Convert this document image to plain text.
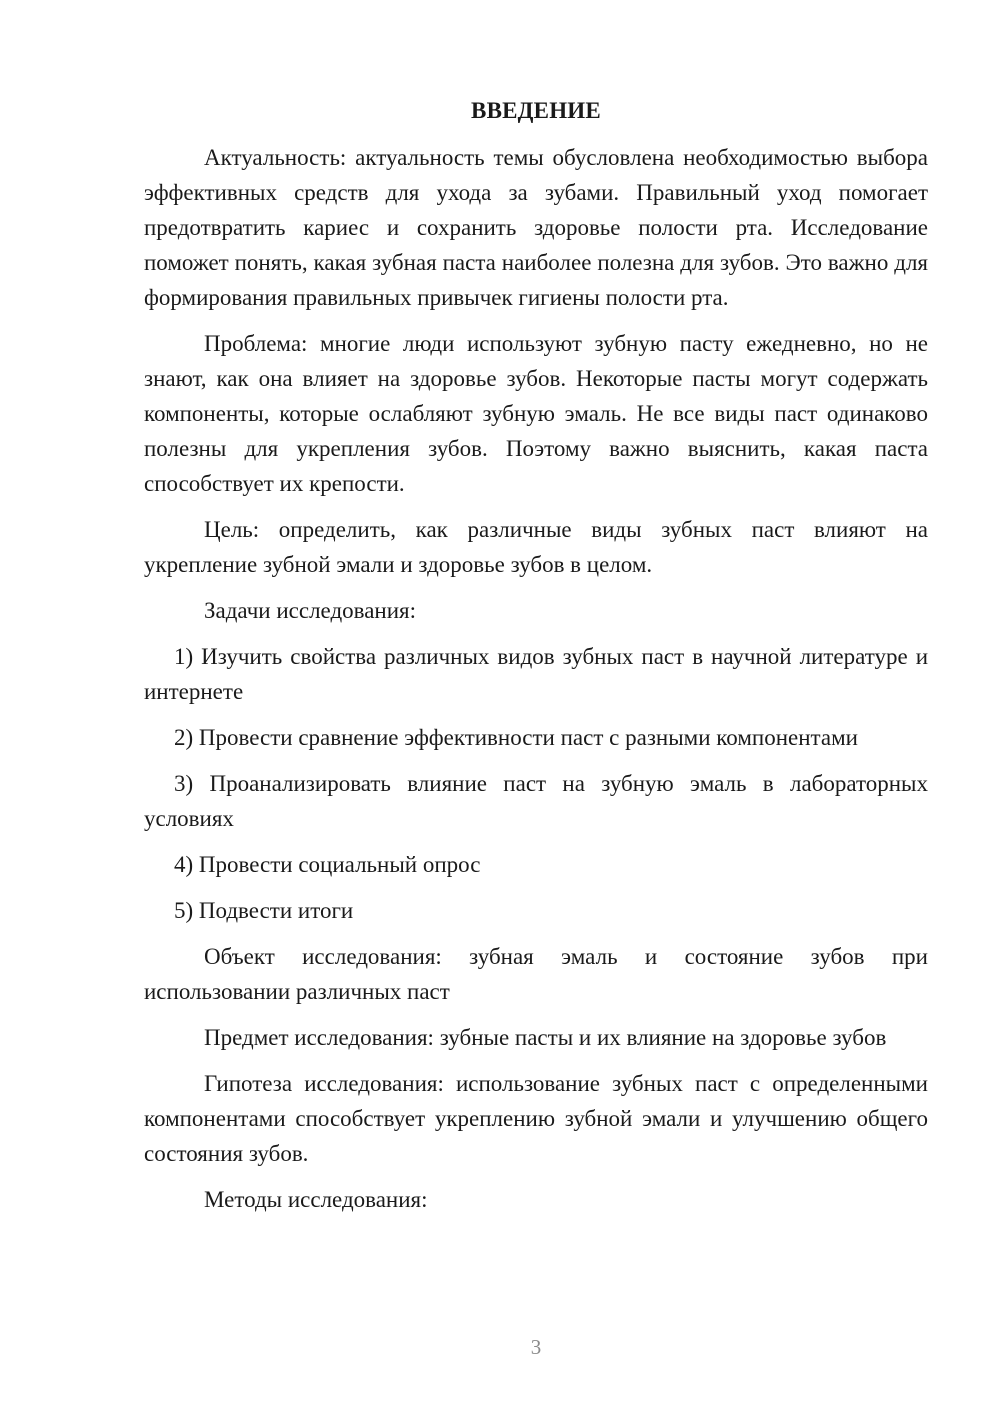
ВВЕДЕНИЕ

Актуальность: актуальность темы обусловлена необходимостью выбора эффективных средств для ухода за зубами. Правильный уход помогает предотвратить кариес и сохранить здоровье полости рта. Исследование поможет понять, какая зубная паста наиболее полезна для зубов. Это важно для формирования правильных привычек гигиены полости рта.

Проблема: многие люди используют зубную пасту ежедневно, но не знают, как она влияет на здоровье зубов. Некоторые пасты могут содержать компоненты, которые ослабляют зубную эмаль. Не все виды паст одинаково полезны для укрепления зубов. Поэтому важно выяснить, какая паста способствует их крепости.

Цель: определить, как различные виды зубных паст влияют на укрепление зубной эмали и здоровье зубов в целом.

Задачи исследования:

1) Изучить свойства различных видов зубных паст в научной литературе и интернете

2) Провести сравнение эффективности паст с разными компонентами

3) Проанализировать влияние паст на зубную эмаль в лабораторных условиях

4) Провести социальный опрос

5) Подвести итоги

Объект исследования: зубная эмаль и состояние зубов при использовании различных паст

Предмет исследования: зубные пасты и их влияние на здоровье зубов

Гипотеза исследования: использование зубных паст с определенными компонентами способствует укреплению зубной эмали и улучшению общего состояния зубов.

Методы исследования:

3
